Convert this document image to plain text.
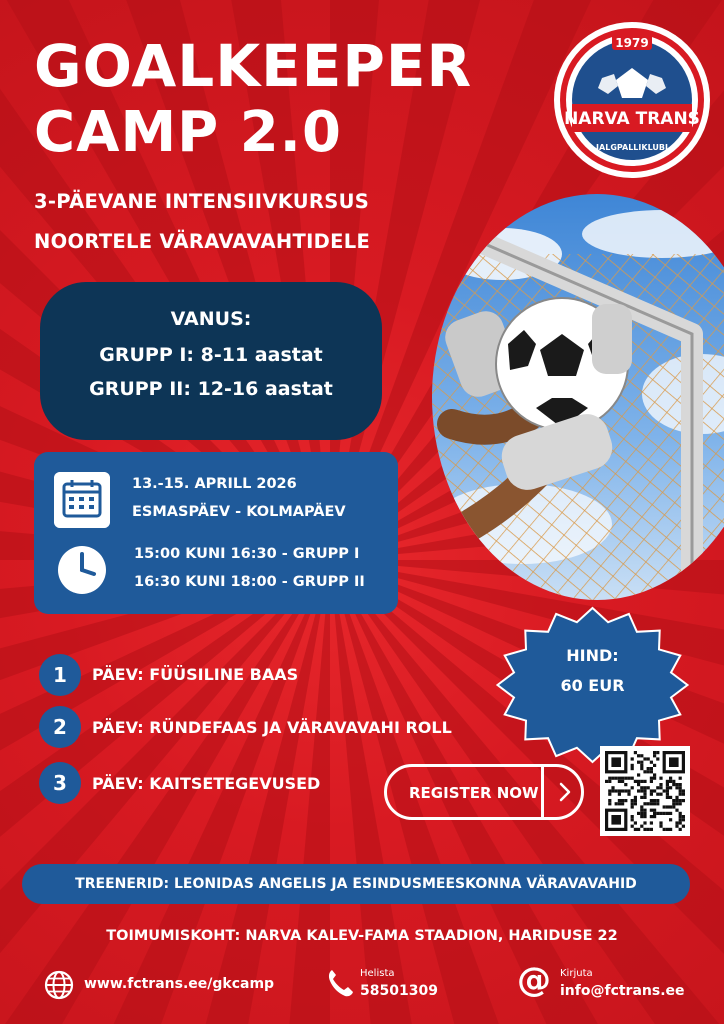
GOALKEEPER
CAMP 2.0
3-PÄEVANE INTENSIIVKURSUS
NOORTELE VÄRAVAVAHTIDELE
NARVA TRANS
1979
JALGPALLIKLUBI
VANUS:
GRUPP I: 8-11 aastat
GRUPP II: 12-16 aastat
13.-15. APRILL 2026
ESMASPÄEV - KOLMAPÄEV
15:00 KUNI 16:30 - GRUPP I
16:30 KUNI 18:00 - GRUPP II
1	PÄEV: FÜÜSILINE BAAS
2	PÄEV: RÜNDEFAAS JA VÄRAVAVAHI ROLL
3	PÄEV: KAITSETEGEVUSED
HIND:
60 EUR
REGISTER NOW
TREENERID: LEONIDAS ANGELIS JA ESINDUSMEESKONNA VÄRAVAVAHID
TOIMUMISKOHT: NARVA KALEV-FAMA STAADION, HARIDUSE 22
www.fctrans.ee/gkcamp
Helista
58501309 @ Kirjuta
info@fctrans.ee
